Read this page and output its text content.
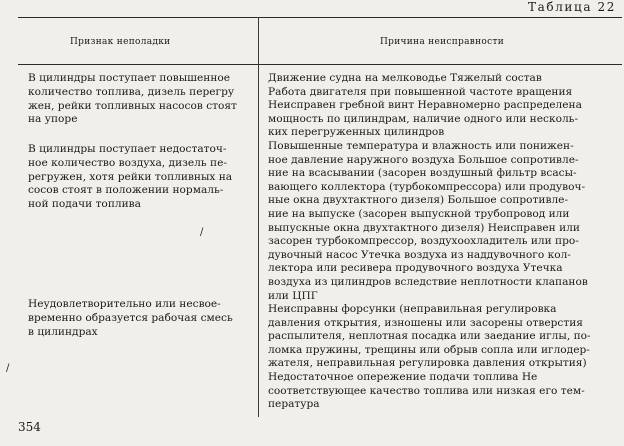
Таблица 22
Признак неполадки	Причина неисправности
В цилиндры поступает повышенное
количество топлива, дизель перегру
жен, рейки топливных насосов стоят
на упоре
В цилиндры поступает недостаточ-
ное количество воздуха, дизель пе-
регружен, хотя рейки топливных на
сосов стоят в положении нормаль-
ной подачи топлива
Неудовлетворительно или несвое-
временно образуется рабочая смесь
в цилиндрах
Движение судна на мелководье Тяжелый состав
Работа двигателя при повышенной частоте вращения
Неисправен гребной винт Неравномерно распределена
мощность по цилиндрам, наличие одного или несколь-
ких перегруженных цилиндров
Повышенные температура и влажность или понижен-
ное давление наружного воздуха Большое сопротивле-
ние на всасывании (засорен воздушный фильтр всасы-
вающего коллектора (турбокомпрессора) или продувоч-
ные окна двухтактного дизеля) Большое сопротивле-
ние на выпуске (засорен выпускной трубопровод или
выпускные окна двухтактного дизеля) Неисправен или
засорен турбокомпрессор, воздухоохладитель или про-
дувочный насос Утечка воздуха из наддувочного кол-
лектора или ресивера продувочного воздуха Утечка
воздуха из цилиндров вследствие неплотности клапанов
или ЦПГ
Неисправны форсунки (неправильная регулировка
давления открытия, изношены или засорены отверстия
распылителя, неплотная посадка или заедание иглы, по-
ломка пружины, трещины или обрыв сопла или иглодер-
жателя, неправильная регулировка давления открытия)
Недостаточное опережение подачи топлива Не
соответствующее качество топлива или низкая его тем-
пература
/
/
354
